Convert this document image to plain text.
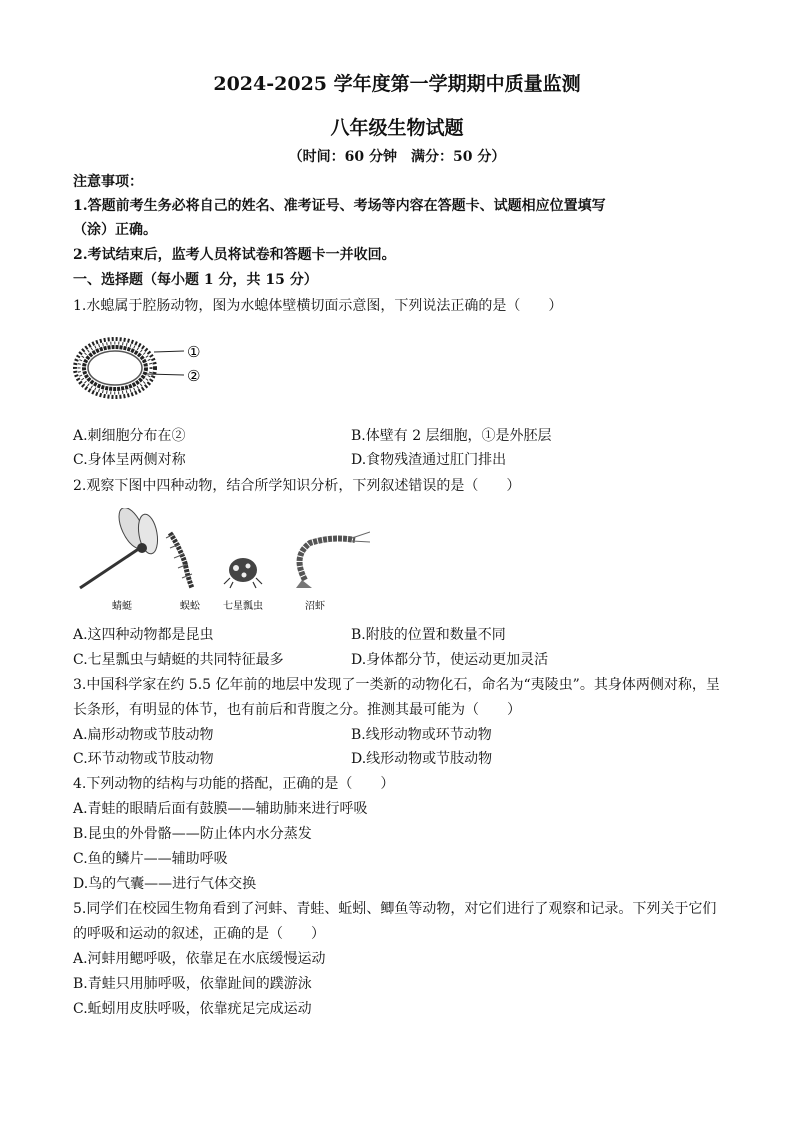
2024-2025 学年度第一学期期中质量监测
八年级生物试题
（时间：60 分钟　满分：50 分）
注意事项：
1.答题前考生务必将自己的姓名、准考证号、考场等内容在答题卡、试题相应位置填写
（涂）正确。
2.考试结束后，监考人员将试卷和答题卡一并收回。
一、选择题（每小题 1 分，共 15 分）
1.水螅属于腔肠动物，图为水螅体壁横切面示意图，下列说法正确的是（　　）
①
②
A.刺细胞分布在②	B.体壁有 2 层细胞，①是外胚层
C.身体呈两侧对称	D.食物残渣通过肛门排出
2.观察下图中四种动物，结合所学知识分析，下列叙述错误的是（　　）
蜻蜓	蜈蚣 七星瓢虫	沼虾
A.这四种动物都是昆虫	B.附肢的位置和数量不同
C.七星瓢虫与蜻蜓的共同特征最多	D.身体都分节，使运动更加灵活
3.中国科学家在约 5.5 亿年前的地层中发现了一类新的动物化石，命名为“夷陵虫”。其身体两侧对称，呈
长条形，有明显的体节，也有前后和背腹之分。推测其最可能为（　　）
A.扁形动物或节肢动物	B.线形动物或环节动物
C.环节动物或节肢动物	D.线形动物或节肢动物
4.下列动物的结构与功能的搭配，正确的是（　　）
A.青蛙的眼睛后面有鼓膜——辅助肺来进行呼吸
B.昆虫的外骨骼——防止体内水分蒸发
C.鱼的鳞片——辅助呼吸
D.鸟的气囊——进行气体交换
5.同学们在校园生物角看到了河蚌、青蛙、蚯蚓、鲫鱼等动物，对它们进行了观察和记录。下列关于它们
的呼吸和运动的叙述，正确的是（　　）
A.河蚌用鳃呼吸，依靠足在水底缓慢运动
B.青蛙只用肺呼吸，依靠趾间的蹼游泳
C.蚯蚓用皮肤呼吸，依靠疣足完成运动
